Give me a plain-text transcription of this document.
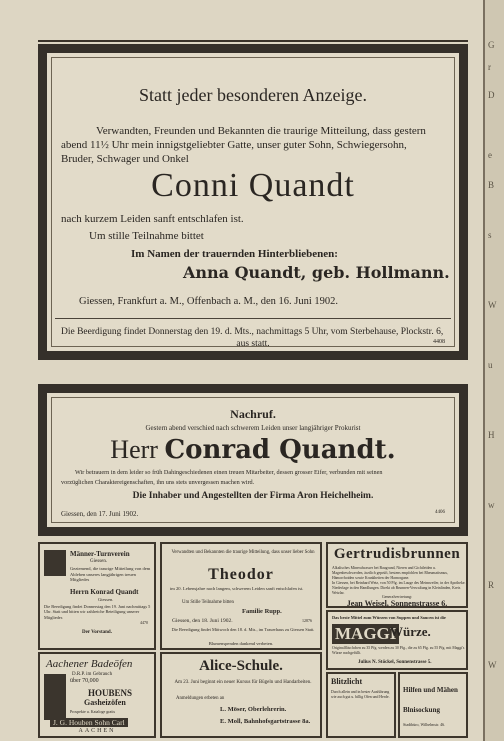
G
r
D
e
B
s
W
u
H
w
R
W
Statt jeder besonderen Anzeige.
Verwandten, Freunden und Bekannten die traurige Mitteilung, dass gestern
abend 11½ Uhr mein innigstgeliebter Gatte, unser guter Sohn, Schwiegersohn,
Bruder, Schwager und Onkel
Conni Quandt
nach kurzem Leiden sanft entschlafen ist.
Um stille Teilnahme bittet
Im Namen der trauernden Hinterbliebenen:
Anna Quandt, geb. Hollmann.
Giessen, Frankfurt a. M., Offenbach a. M., den 16. Juni 1902.
Die Beerdigung findet Donnerstag den 19. d. Mts., nachmittags 5 Uhr, vom Sterbehause, Plockstr. 6,
aus statt.	4408
Nachruf.
Gestern abend verschied nach schwerem Leiden unser langjähriger Prokurist
Herr Conrad Quandt.
Wir betrauern in dem leider so früh Dahingeschiedenen einen treuen Mitarbeiter, dessen grosser Eifer, verbunden mit seinen
vorzüglichen Charaktereigenschaften, ihn uns stets unvergessen machen wird.
Die Inhaber und Angestellten der Firma Aron Heichelheim.
Giessen, den 17. Juni 1902.	4406
Männer-Turnverein
Giessen.
Geziemend, die traurige Mitteilung von dem Ableben unseres langjährigen treuen Mitgliedes
Herrn Konrad Quandt
Giessen.
Die Beerdigung findet Donnerstag den 19. Juni nachmittags 5 Uhr. Statt und bitten wir zahlreiche Beteiligung unserer Mitglieder.
4470
Der Vorstand.
Aachener Badeöfen
D.R.P. im Gebrauch
über 70,000
HOUBENS
Gasheizöfen
Prospekte u. Kataloge gratis
J. G. Houben Sohn Carl
AACHEN
Verwandten und Bekannten die traurige Mitteilung, dass unser lieber Sohn
Theodor
im 20. Lebensjahre nach langem, schwerem Leiden sanft entschlafen ist.
Um Stille Teilnahme bitten
Familie Rupp.
Giessen, den 18. Juni 1902.	12876
Die Beerdigung findet Mittwoch den 18. d. Mts., im Trauerhaus zu Giessen Statt.
Blumenspenden dankend verbeten.
Alice-Schule.
Am 23. Juni beginnt ein neuer Kursus für Bügeln und Handarbeiten.
Anmeldungen erbeten an
L. Möser, Oberlehrerin.
E. Moll, Bahnhofsgartstrasse 8a.
Gertrudisbrunnen
Alkalisches Mineralwasser bei Baugrund, Nieren und Gichtleiden u. Magenbeschwerden, ärztlich geprüft, bestens empfohlen bei Rheumatismus, Hämorrhoiden sowie Krankheiten der Harnorgane.
In Giessen, bei Reinhard Wetz, von 50 Pfg. im Lauge des Meimweiler, in der Apotheke. Niederlage in den Handlungen. Direkt ab Brunnen-Verwaltung in Kleinlinden, Kreis Wetzlar.
Generalvertretung:
Jean Weisel, Sonnenstrasse 6.
Das beste Mittel zum Würzen von Suppen und Saucen ist die
MAGGI
Würze.
Originalfläschchen zu 35 Pfg. werden zu 30 Pfg., die zu 65 Pfg. zu 55 Pfg. mit Maggi's Würze nachgefüllt.
Julius N. Stöckel, Sonnenstrasse 5.
Blitzlicht
Durch allein und in bester Ausführung wie auch gut u. billig Ofen und Herde.
Hilfen und Mähen
Blnisockung
Stadtbüro, Wilhelmstr. 46.
